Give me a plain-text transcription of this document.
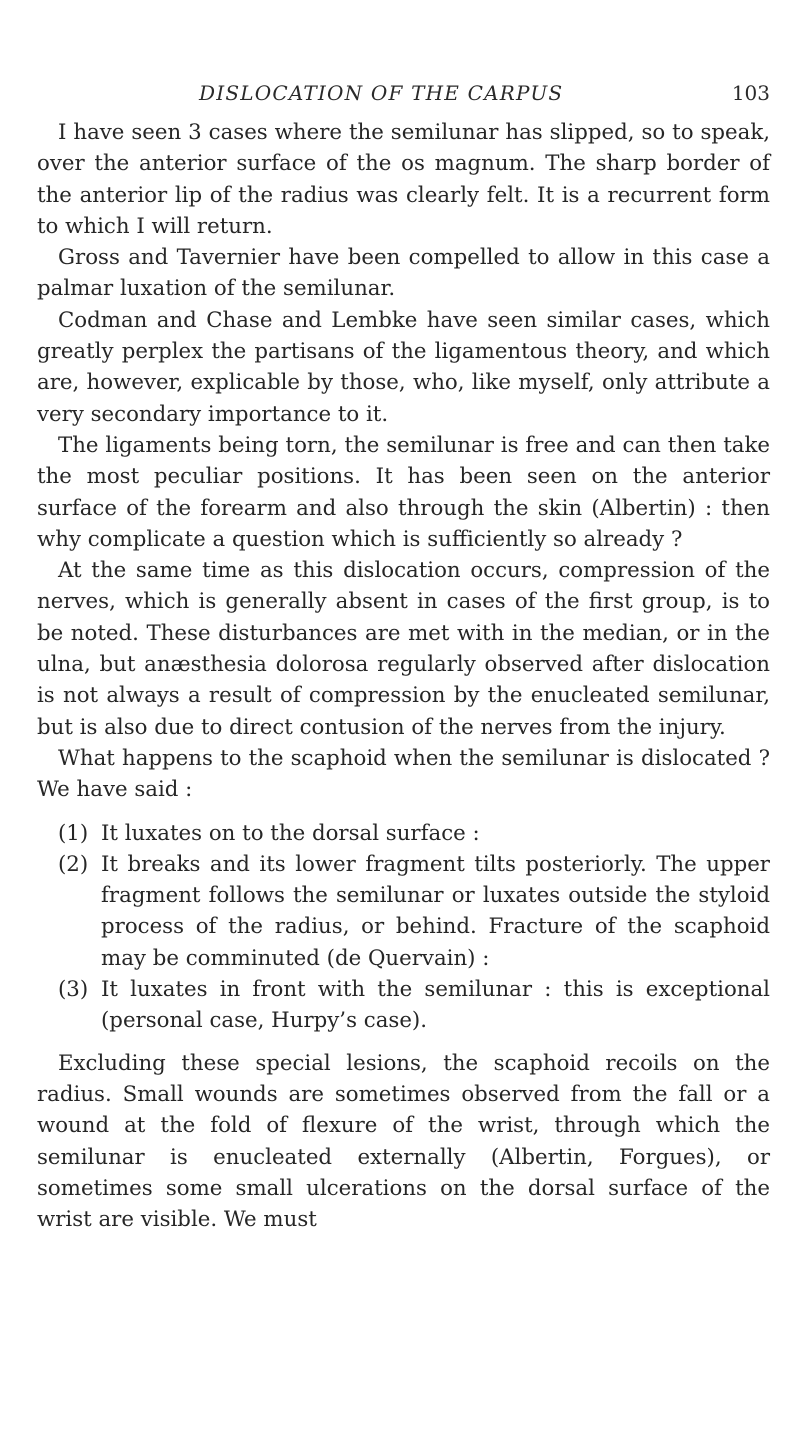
DISLOCATION OF THE CARPUS	103

I have seen 3 cases where the semilunar has slipped, so to speak, over the anterior surface of the os magnum. The sharp border of the anterior lip of the radius was clearly felt. It is a recurrent form to which I will return.

Gross and Tavernier have been compelled to allow in this case a palmar luxation of the semilunar.

Codman and Chase and Lembke have seen similar cases, which greatly perplex the partisans of the ligamentous theory, and which are, however, explicable by those, who, like myself, only attribute a very secondary importance to it.

The ligaments being torn, the semilunar is free and can then take the most peculiar positions. It has been seen on the anterior surface of the forearm and also through the skin (Albertin) : then why complicate a question which is sufficiently so already ?

At the same time as this dislocation occurs, compression of the nerves, which is generally absent in cases of the first group, is to be noted. These disturbances are met with in the median, or in the ulna, but anæsthesia dolorosa regularly observed after dislocation is not always a result of compression by the enucleated semilunar, but is also due to direct contusion of the nerves from the injury.

What happens to the scaphoid when the semilunar is dislocated ? We have said :

(1) It luxates on to the dorsal surface :
(2) It breaks and its lower fragment tilts posteriorly. The upper fragment follows the semilunar or luxates outside the styloid process of the radius, or behind. Fracture of the scaphoid may be comminuted (de Quervain) :
(3) It luxates in front with the semilunar : this is exceptional (personal case, Hurpy’s case).

Excluding these special lesions, the scaphoid recoils on the radius. Small wounds are sometimes observed from the fall or a wound at the fold of flexure of the wrist, through which the semilunar is enucleated externally (Albertin, Forgues), or sometimes some small ulcerations on the dorsal surface of the wrist are visible. We must
